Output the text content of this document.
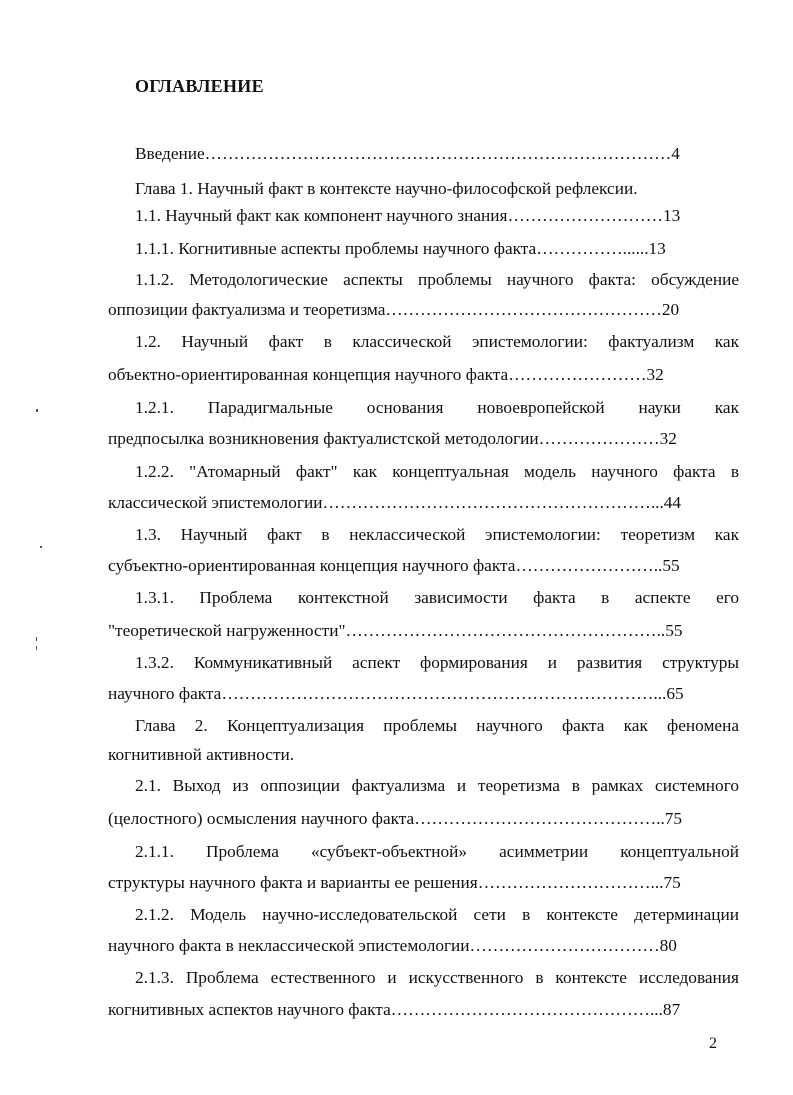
ОГЛАВЛЕНИЕ
Введение………………………………………………………………………4
Глава 1. Научный факт в контексте научно-философской рефлексии.
1.1. Научный факт как компонент научного знания………………………13
1.1.1. Когнитивные аспекты проблемы научного факта……………......13
1.1.2. Методологические аспекты проблемы научного факта: обсуждение
оппозиции фактуализма и теоретизма…………………………………………20
1.2. Научный факт в классической эпистемологии: фактуализм как
объектно-ориентированная концепция научного факта……………………32
1.2.1. Парадигмальные основания новоевропейской науки как
предпосылка возникновения фактуалистской методологии…………………32
1.2.2. "Атомарный факт" как концептуальная модель научного факта в
классической эпистемологии…………………………………………………...44
1.3. Научный факт в неклассической эпистемологии: теоретизм как
субъектно-ориентированная концепция научного факта……………………..55
1.3.1. Проблема контекстной зависимости факта в аспекте его
"теоретической нагруженности"………………………………………………..55
1.3.2. Коммуникативный аспект формирования и развития структуры
научного факта…………………………………………………………………...65
Глава 2. Концептуализация проблемы научного факта как феномена
когнитивной активности.
2.1. Выход из оппозиции фактуализма и теоретизма в рамках системного
(целостного) осмысления научного факта……………………………………..75
2.1.1. Проблема «субъект-объектной» асимметрии концептуальной
структуры научного факта и варианты ее решения…………………………...75
2.1.2. Модель научно-исследовательской сети в контексте детерминации
научного факта в неклассической эпистемологии……………………………80
2.1.3. Проблема естественного и искусственного в контексте исследования
когнитивных аспектов научного факта………………………………………...87
2
